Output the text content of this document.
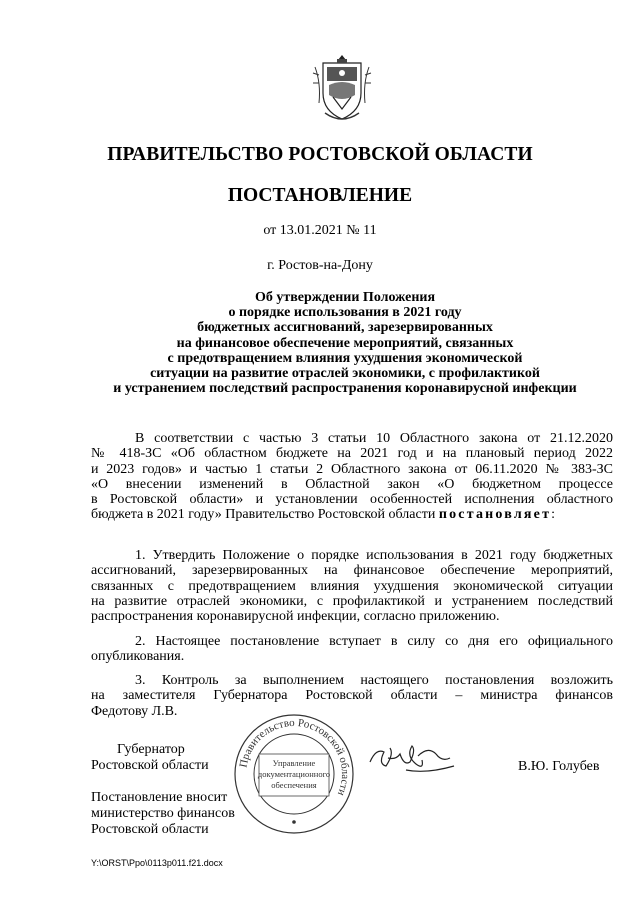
ПРАВИТЕЛЬСТВО РОСТОВСКОЙ ОБЛАСТИ
ПОСТАНОВЛЕНИЕ
от 13.01.2021 № 11
г. Ростов-на-Дону
Об утверждении Положения
о порядке использования в 2021 году
бюджетных ассигнований, зарезервированных
на финансовое обеспечение мероприятий, связанных
с предотвращением влияния ухудшения экономической
ситуации на развитие отраслей экономики, с профилактикой
и устранением последствий распространения коронавирусной инфекции
В соответствии с частью 3 статьи 10 Областного закона от 21.12.2020
№ 418-ЗС «Об областном бюджете на 2021 год и на плановый период 2022
и 2023 годов» и частью 1 статьи 2 Областного закона от 06.11.2020 № 383-ЗС
«О внесении изменений в Областной закон «О бюджетном процессе
в Ростовской области» и установлении особенностей исполнения областного
бюджета в 2021 году» Правительство Ростовской области постановляет:
1. Утвердить Положение о порядке использования в 2021 году бюджетных
ассигнований, зарезервированных на финансовое обеспечение мероприятий,
связанных с предотвращением влияния ухудшения экономической ситуации
на развитие отраслей экономики, с профилактикой и устранением последствий
распространения коронавирусной инфекции, согласно приложению.
2. Настоящее постановление вступает в силу со дня его официального
опубликования.
3. Контроль за выполнением настоящего постановления возложить
на заместителя Губернатора Ростовской области – министра финансов
Федотову Л.В.
Губернатор
Ростовской области	Правительство Ростовской области
Управление
документационного
обеспечения
В.Ю. Голубев
Постановление вносит
министерство финансов
Ростовской области
Y:\ORST\Ppo\0113p011.f21.docx
